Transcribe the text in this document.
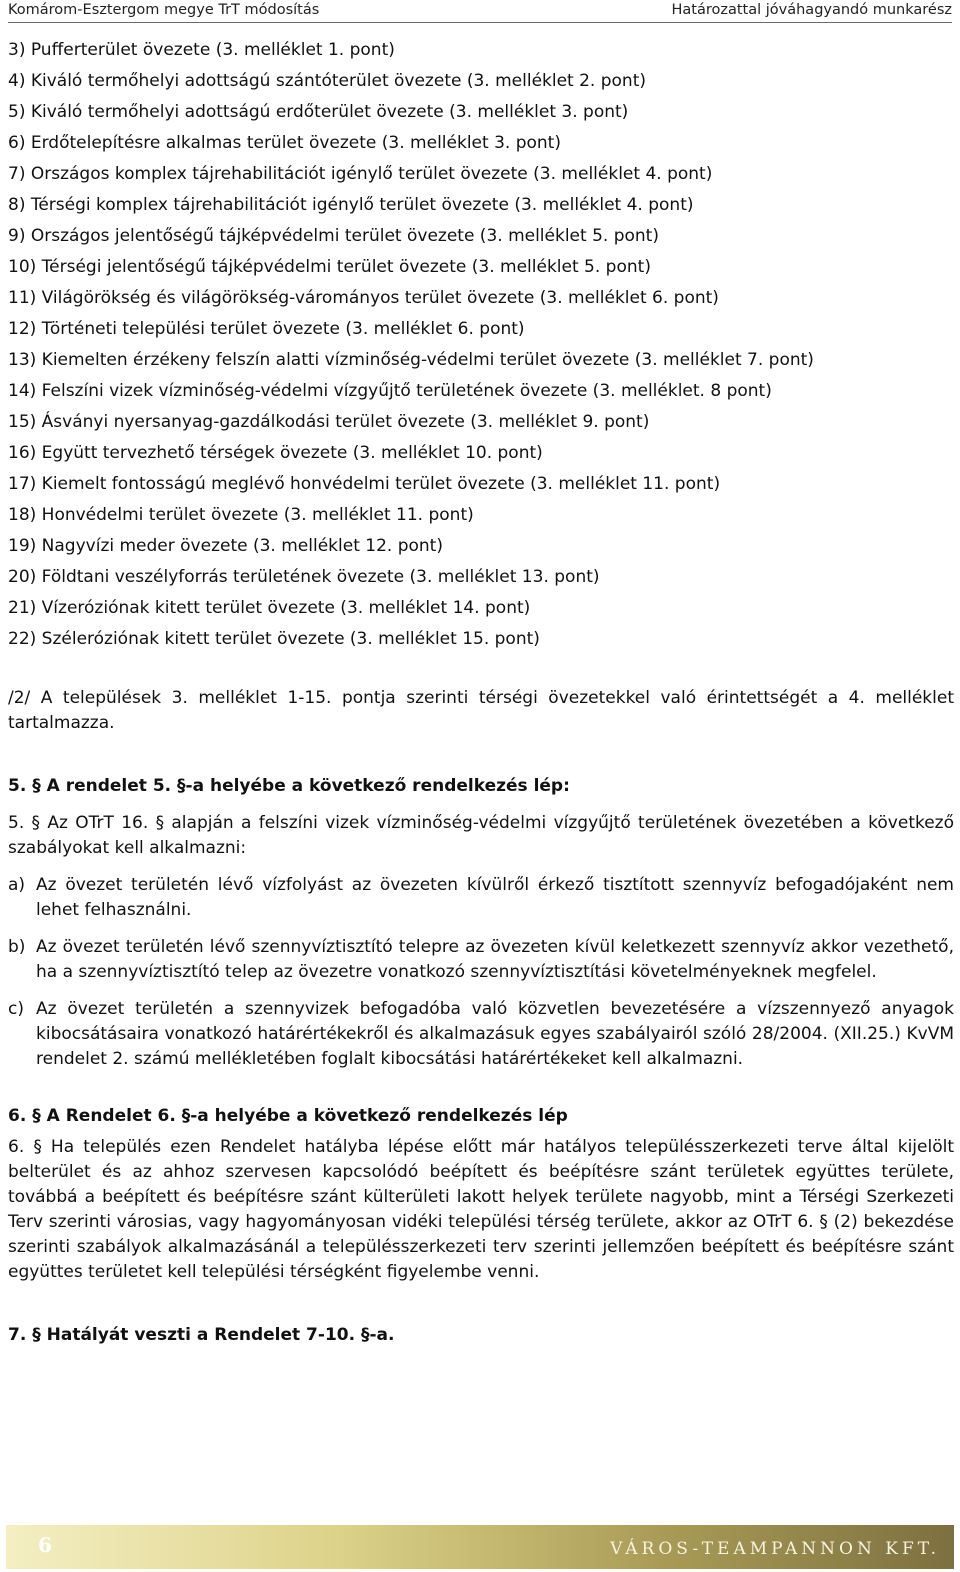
Komárom-Esztergom megye TrT módosítás	Határozattal jóváhagyandó munkarész
3) Pufferterület övezete (3. melléklet 1. pont)
4) Kiváló termőhelyi adottságú szántóterület övezete (3. melléklet 2. pont)
5) Kiváló termőhelyi adottságú erdőterület övezete (3. melléklet 3. pont)
6) Erdőtelepítésre alkalmas terület övezete (3. melléklet 3. pont)
7) Országos komplex tájrehabilitációt igénylő terület övezete (3. melléklet 4. pont)
8) Térségi komplex tájrehabilitációt igénylő terület övezete (3. melléklet 4. pont)
9) Országos jelentőségű tájképvédelmi terület övezete (3. melléklet 5. pont)
10) Térségi jelentőségű tájképvédelmi terület övezete (3. melléklet 5. pont)
11) Világörökség és világörökség-várományos terület övezete (3. melléklet 6. pont)
12) Történeti települési terület övezete (3. melléklet 6. pont)
13) Kiemelten érzékeny felszín alatti vízminőség-védelmi terület övezete (3. melléklet 7. pont)
14) Felszíni vizek vízminőség-védelmi vízgyűjtő területének övezete (3. melléklet. 8 pont)
15) Ásványi nyersanyag-gazdálkodási terület övezete (3. melléklet 9. pont)
16) Együtt tervezhető térségek övezete (3. melléklet 10. pont)
17) Kiemelt fontosságú meglévő honvédelmi terület övezete (3. melléklet 11. pont)
18) Honvédelmi terület övezete (3. melléklet 11. pont)
19) Nagyvízi meder övezete (3. melléklet 12. pont)
20) Földtani veszélyforrás területének övezete (3. melléklet 13. pont)
21) Vízeróziónak kitett terület övezete (3. melléklet 14. pont)
22) Széleróziónak kitett terület övezete (3. melléklet 15. pont)

/2/ A települések 3. melléklet 1-15. pontja szerinti térségi övezetekkel való érintettségét a 4. melléklet tartalmazza.

5. § A rendelet 5. §-a helyébe a következő rendelkezés lép:

5. § Az OTrT 16. § alapján a felszíni vizek vízminőség-védelmi vízgyűjtő területének övezetében a következő szabályokat kell alkalmazni:

a) Az övezet területén lévő vízfolyást az övezeten kívülről érkező tisztított szennyvíz befogadójaként nem lehet felhasználni.
b) Az övezet területén lévő szennyvíztisztító telepre az övezeten kívül keletkezett szennyvíz akkor vezethető, ha a szennyvíztisztító telep az övezetre vonatkozó szennyvíztisztítási követelményeknek megfelel.
c) Az övezet területén a szennyvizek befogadóba való közvetlen bevezetésére a vízszennyező anyagok kibocsátásaira vonatkozó határértékekről és alkalmazásuk egyes szabályairól szóló 28/2004. (XII.25.) KvVM rendelet 2. számú mellékletében foglalt kibocsátási határértékeket kell alkalmazni.

6. § A Rendelet 6. §-a helyébe a következő rendelkezés lép

6. § Ha település ezen Rendelet hatályba lépése előtt már hatályos településszerkezeti terve által kijelölt belterület és az ahhoz szervesen kapcsolódó beépített és beépítésre szánt területek együttes területe, továbbá a beépített és beépítésre szánt külterületi lakott helyek területe nagyobb, mint a Térségi Szerkezeti Terv szerinti városias, vagy hagyományosan vidéki települési térség területe, akkor az OTrT 6. § (2) bekezdése szerinti szabályok alkalmazásánál a településszerkezeti terv szerinti jellemzően beépített és beépítésre szánt együttes területet kell települési térségként figyelembe venni.

7. § Hatályát veszti a Rendelet 7-10. §-a.

6	VÁROS-TEAMPANNON KFT.
